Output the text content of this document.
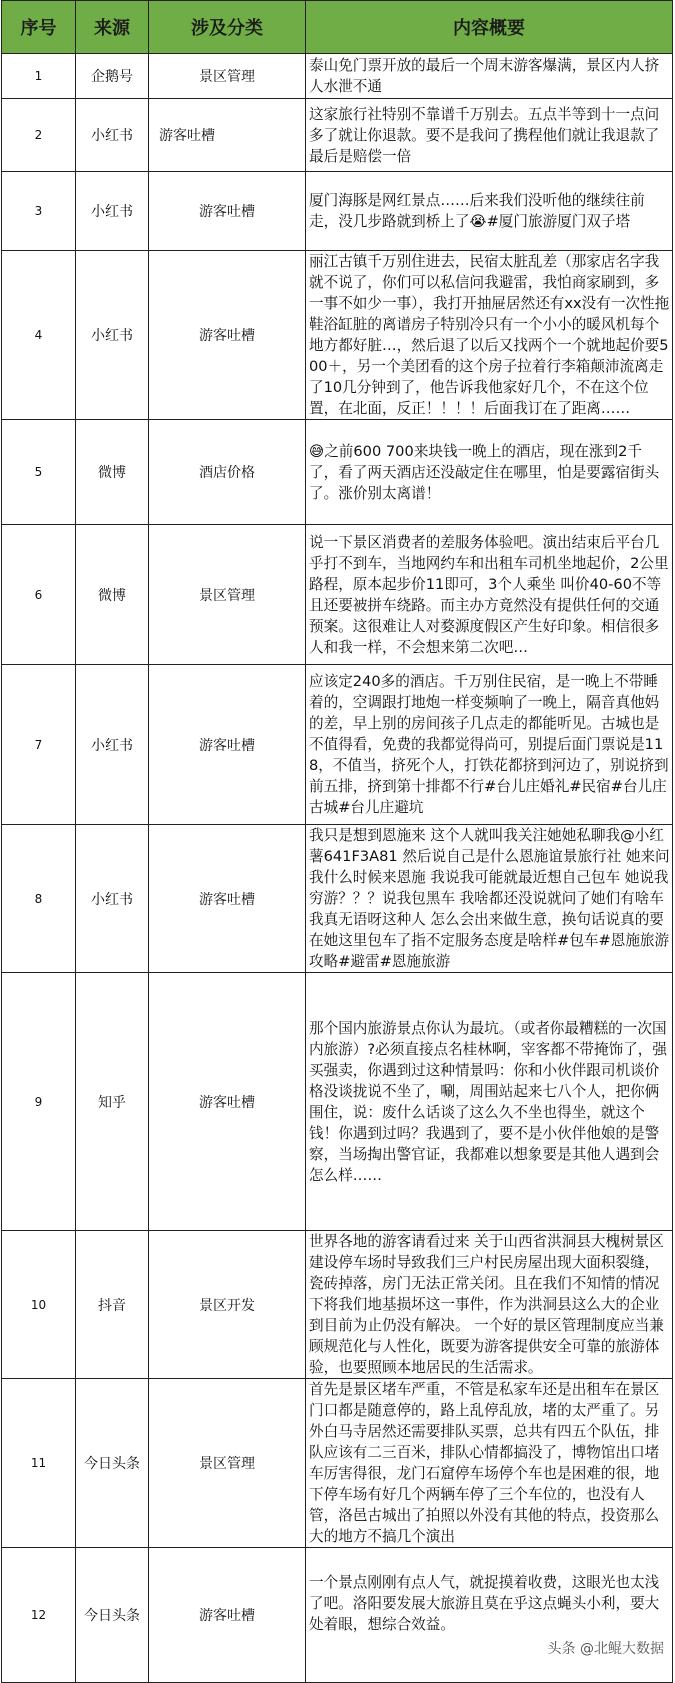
序号	来源	涉及分类	内容概要
1	企鹅号	景区管理	泰山免门票开放的最后一个周末游客爆满，景区内人挤人水泄不通

2	小红书	游客吐槽	这家旅行社特别不靠谱千万别去。五点半等到十一点问多了就让你退款。要不是我问了携程他们就让我退款了最后是赔偿一倍

3	小红书	游客吐槽	厦门海豚是网红景点……后来我们没听他的继续往前走，没几步路就到桥上了😭#厦门旅游厦门双子塔

4	小红书	游客吐槽	丽江古镇千万别住进去，民宿太脏乱差（那家店名字我就不说了，你们可以私信问我避雷，我怕商家刷到，多一事不如少一事），我打开抽屉居然还有xx没有一次性拖鞋浴缸脏的离谱房子特别冷只有一个小小的暖风机每个地方都好脏…，然后退了以后又找两个一个就地起价要500＋，另一个美团看的这个房子拉着行李箱颠沛流离走了10几分钟到了，他告诉我他家好几个，不在这个位置，在北面，反正！！！！后面我订在了距离……

5	微博	酒店价格	😅之前600 700来块钱一晚上的酒店，现在涨到2千了，看了两天酒店还没敲定住在哪里，怕是要露宿街头了。涨价别太离谱！

6	微博	景区管理	说一下景区消费者的差服务体验吧。演出结束后平台几乎打不到车，当地网约车和出租车司机坐地起价，2公里路程，原本起步价11即可，3个人乘坐 叫价40-60不等且还要被拼车绕路。而主办方竟然没有提供任何的交通预案。这很难让人对婺源度假区产生好印象。相信很多人和我一样，不会想来第二次吧…

7	小红书	游客吐槽	应该定240多的酒店。千万别住民宿，是一晚上不带睡着的，空调跟打地炮一样变频响了一晚上，隔音真他妈的差，早上别的房间孩子几点走的都能听见。古城也是不值得看，免费的我都觉得尚可，别提后面门票说是118，不值当，挤死个人，打铁花都挤到河边了，别说挤到前五排，挤到第十排都不行#台儿庄婚礼#民宿#台儿庄古城#台儿庄避坑

8	小红书	游客吐槽	我只是想到恩施来 这个人就叫我关注她她私聊我@小红薯641F3A81 然后说自己是什么恩施谊景旅行社 她来问我什么时候来恩施 我说我可能就最近想自己包车 她说我穷游？？？说我包黑车 我啥都还没说就问了她们有啥车 我真无语呀这种人 怎么会出来做生意，换句话说真的要在她这里包车了指不定服务态度是啥样#包车#恩施旅游攻略#避雷#恩施旅游

9	知乎	游客吐槽	那个国内旅游景点你认为最坑。（或者你最糟糕的一次国内旅游）?必须直接点名桂林啊，宰客都不带掩饰了，强买强卖，你遇到过这种情景吗：你和小伙伴跟司机谈价格没谈拢说不坐了，唰，周围站起来七八个人，把你俩围住，说：废什么话谈了这么久不坐也得坐，就这个钱！你遇到过吗？我遇到了，要不是小伙伴他娘的是警察，当场掏出警官证，我都难以想象要是其他人遇到会怎么样……

10	抖音	景区开发	世界各地的游客请看过来 关于山西省洪洞县大槐树景区建设停车场时导致我们三户村民房屋出现大面积裂缝，瓷砖掉落，房门无法正常关闭。且在我们不知情的情况下将我们地基损坏这一事件，作为洪洞县这么大的企业到目前为止仍没有解决。 一个好的景区管理制度应当兼顾规范化与人性化，既要为游客提供安全可靠的旅游体验，也要照顾本地居民的生活需求。

11	今日头条	景区管理	首先是景区堵车严重，不管是私家车还是出租车在景区门口都是随意停的，路上乱停乱放，堵的太严重了。另外白马寺居然还需要排队买票，总共有四五个队伍，排队应该有二三百米，排队心情都搞没了，博物馆出口堵车厉害得很，龙门石窟停车场停个车也是困难的很，地下停车场有好几个两辆车停了三个车位的，也没有人管，洛邑古城出了拍照以外没有其他的特点，投资那么大的地方不搞几个演出

12	今日头条	游客吐槽	一个景点刚刚有点人气，就捉摸着收费，这眼光也太浅了吧。洛阳要发展大旅游且莫在乎这点蝇头小利，要大处着眼，想综合效益。
头条 @北鲲大数据
